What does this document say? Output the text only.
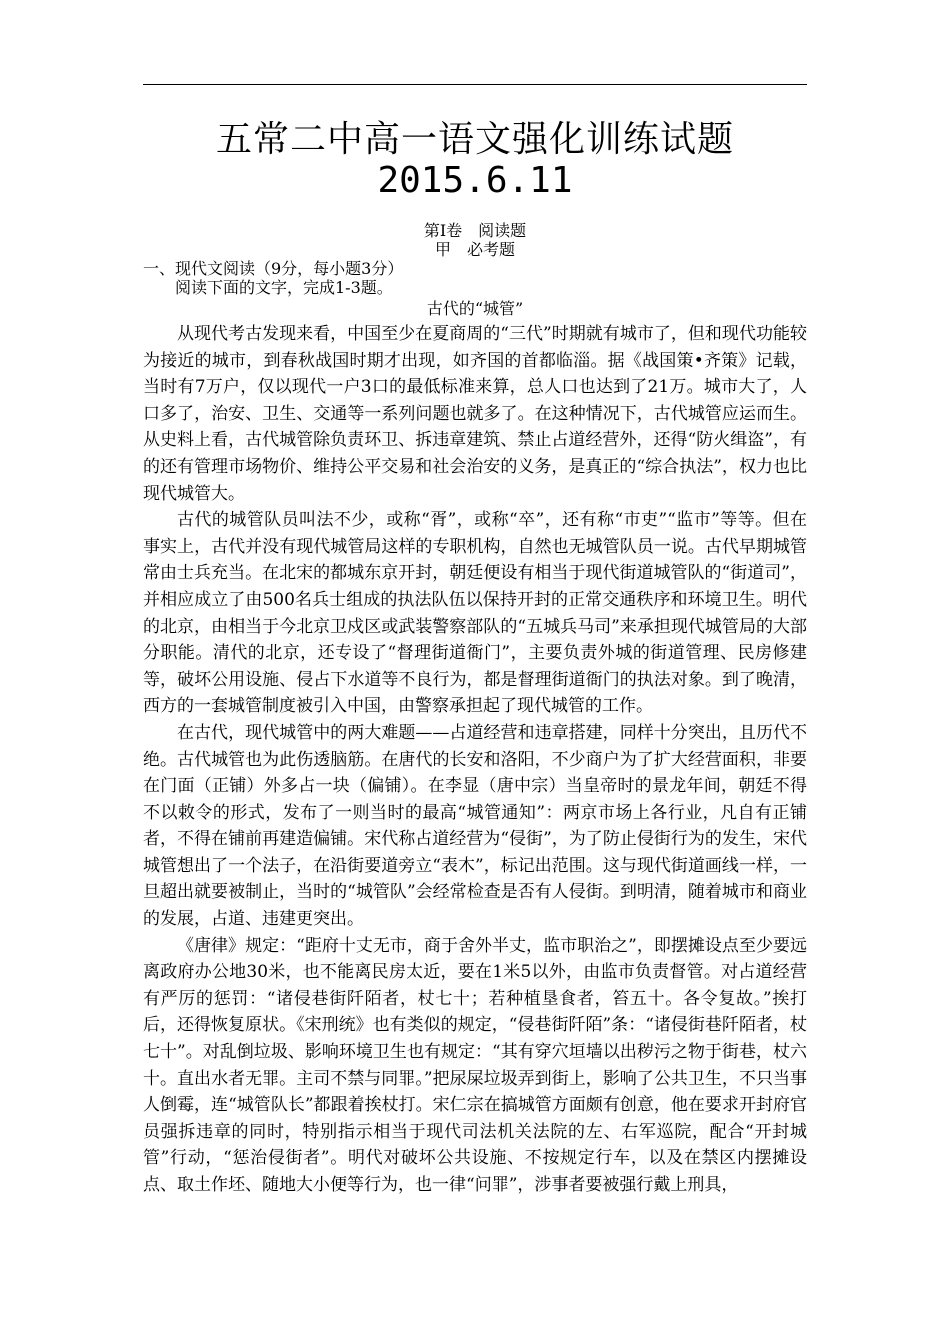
五常二中高一语文强化训练试题
2015.6.11
第Ⅰ卷　阅读题
甲　必考题
一、现代文阅读（9分，每小题3分）
阅读下面的文字，完成1-3题。
古代的“城管”

从现代考古发现来看，中国至少在夏商周的“三代”时期就有城市了，但和现代功能较为接近的城市，到春秋战国时期才出现，如齐国的首都临淄。据《战国策•齐策》记载，当时有7万户，仅以现代一户3口的最低标准来算，总人口也达到了21万。城市大了，人口多了，治安、卫生、交通等一系列问题也就多了。在这种情况下，古代城管应运而生。从史料上看，古代城管除负责环卫、拆违章建筑、禁止占道经营外，还得“防火缉盗”，有的还有管理市场物价、维持公平交易和社会治安的义务，是真正的“综合执法”，权力也比现代城管大。

古代的城管队员叫法不少，或称“胥”，或称“卒”，还有称“市吏”“监市”等等。但在事实上，古代并没有现代城管局这样的专职机构，自然也无城管队员一说。古代早期城管常由士兵充当。在北宋的都城东京开封，朝廷便设有相当于现代街道城管队的“街道司”，并相应成立了由500名兵士组成的执法队伍以保持开封的正常交通秩序和环境卫生。明代的北京，由相当于今北京卫戍区或武装警察部队的“五城兵马司”来承担现代城管局的大部分职能。清代的北京，还专设了“督理街道衙门”，主要负责外城的街道管理、民房修建等，破坏公用设施、侵占下水道等不良行为，都是督理街道衙门的执法对象。到了晚清，西方的一套城管制度被引入中国，由警察承担起了现代城管的工作。

在古代，现代城管中的两大难题——占道经营和违章搭建，同样十分突出，且历代不绝。古代城管也为此伤透脑筋。在唐代的长安和洛阳，不少商户为了扩大经营面积，非要在门面（正铺）外多占一块（偏铺）。在李显（唐中宗）当皇帝时的景龙年间，朝廷不得不以敕令的形式，发布了一则当时的最高“城管通知”：两京市场上各行业，凡自有正铺者，不得在铺前再建造偏铺。宋代称占道经营为“侵街”，为了防止侵街行为的发生，宋代城管想出了一个法子，在沿街要道旁立“表木”，标记出范围。这与现代街道画线一样，一旦超出就要被制止，当时的“城管队”会经常检查是否有人侵街。到明清，随着城市和商业的发展，占道、违建更突出。

《唐律》规定：“距府十丈无市，商于舍外半丈，监市职治之”，即摆摊设点至少要远离政府办公地30米，也不能离民房太近，要在1米5以外，由监市负责督管。对占道经营有严厉的惩罚：“诸侵巷街阡陌者，杖七十；若种植垦食者，笞五十。各令复故。”挨打后，还得恢复原状。《宋刑统》也有类似的规定，“侵巷街阡陌”条：“诸侵街巷阡陌者，杖七十”。对乱倒垃圾、影响环境卫生也有规定：“其有穿穴垣墙以出秽污之物于街巷，杖六十。直出水者无罪。主司不禁与同罪。”把尿屎垃圾弄到街上，影响了公共卫生，不只当事人倒霉，连“城管队长”都跟着挨杖打。宋仁宗在搞城管方面颇有创意，他在要求开封府官员强拆违章的同时，特别指示相当于现代司法机关法院的左、右军巡院，配合“开封城管”行动，“惩治侵街者”。明代对破坏公共设施、不按规定行车，以及在禁区内摆摊设点、取土作坯、随地大小便等行为，也一律“问罪”，涉事者要被强行戴上刑具，
